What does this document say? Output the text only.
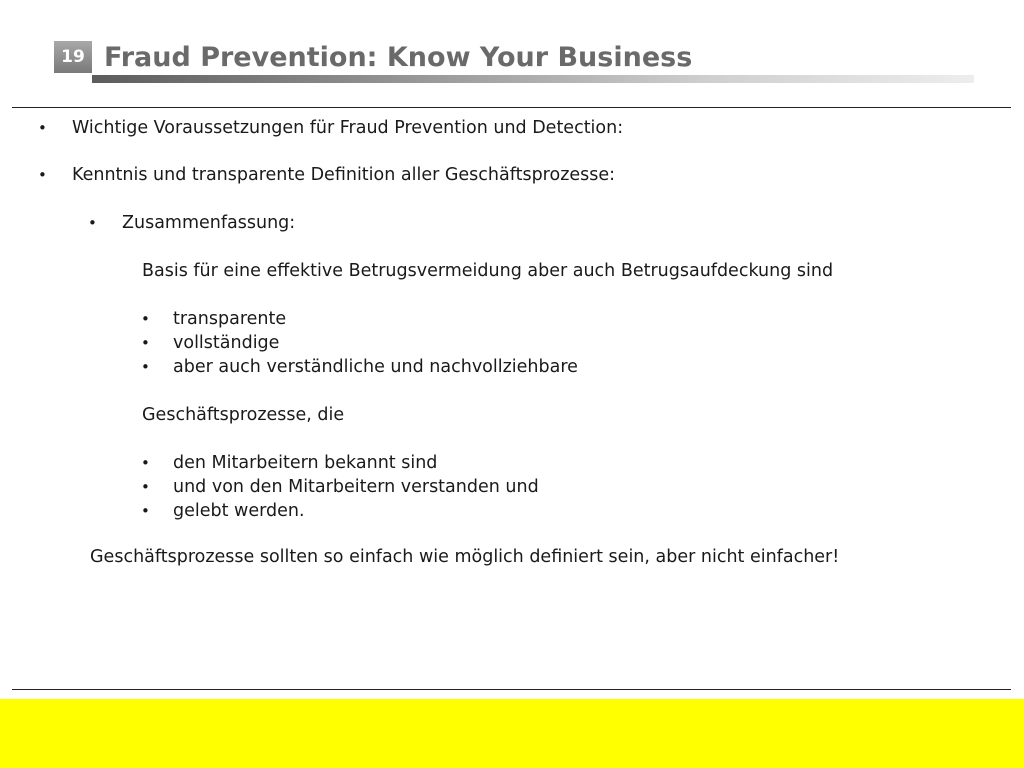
19 Fraud Prevention: Know Your Business
• Wichtige Voraussetzungen für Fraud Prevention und Detection:
• Kenntnis und transparente Definition aller Geschäftsprozesse:
• Zusammenfassung:
Basis für eine effektive Betrugsvermeidung aber auch Betrugsaufdeckung sind
• transparente
• vollständige
• aber auch verständliche und nachvollziehbare
Geschäftsprozesse, die
• den Mitarbeitern bekannt sind
• und von den Mitarbeitern verstanden und
• gelebt werden.
Geschäftsprozesse sollten so einfach wie möglich definiert sein, aber nicht einfacher!
